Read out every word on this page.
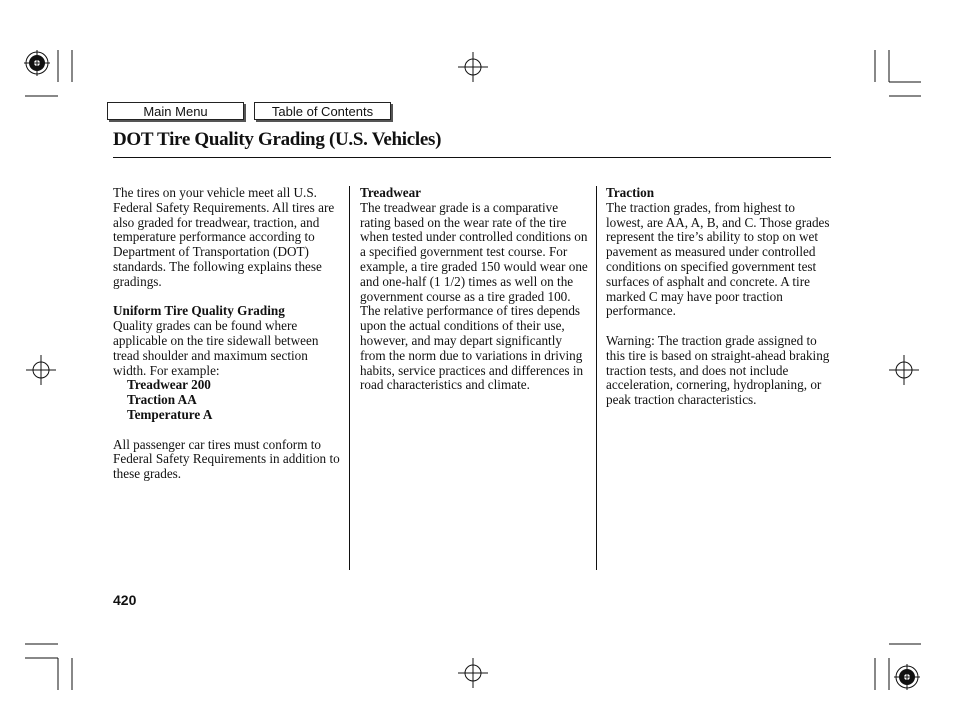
Main Menu	Table of Contents
DOT Tire Quality Grading (U.S. Vehicles)

The tires on your vehicle meet all U.S. Federal Safety Requirements. All tires are also graded for treadwear, traction, and temperature performance according to Department of Transportation (DOT) standards. The following explains these gradings.

Uniform Tire Quality Grading

Quality grades can be found where applicable on the tire sidewall between tread shoulder and maximum section width. For example:

Treadwear 200
Traction AA
Temperature A

All passenger car tires must conform to Federal Safety Requirements in addition to these grades.

Treadwear

The treadwear grade is a comparative rating based on the wear rate of the tire when tested under controlled conditions on a specified government test course. For example, a tire graded 150 would wear one and one-half (1 1/2) times as well on the government course as a tire graded 100. The relative performance of tires depends upon the actual conditions of their use, however, and may depart significantly from the norm due to variations in driving habits, service practices and differences in road characteristics and climate.

Traction

The traction grades, from highest to lowest, are AA, A, B, and C. Those grades represent the tire’s ability to stop on wet pavement as measured under controlled conditions on specified government test surfaces of asphalt and concrete. A tire marked C may have poor traction performance.

Warning: The traction grade assigned to this tire is based on straight-ahead braking traction tests, and does not include acceleration, cornering, hydroplaning, or peak traction characteristics.

420
